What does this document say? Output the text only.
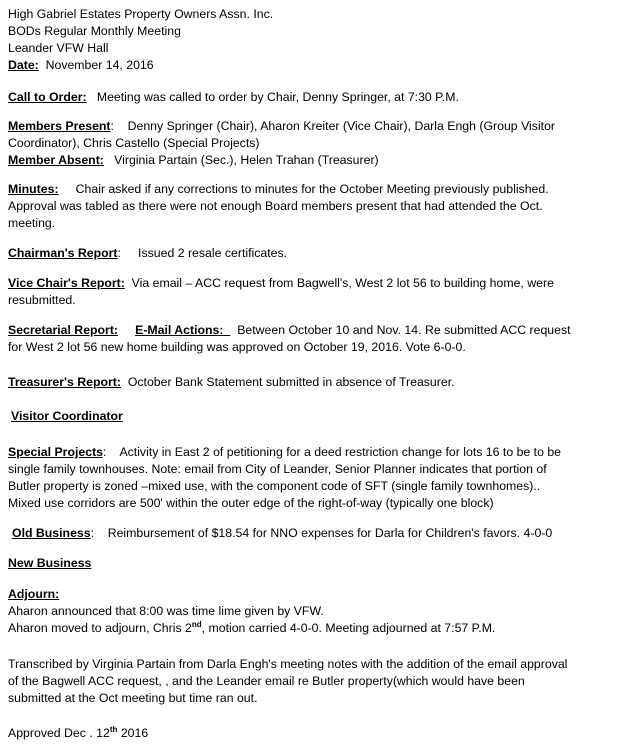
High Gabriel Estates Property Owners Assn. Inc.
BODs Regular Monthly Meeting
Leander VFW Hall
Date: November 14, 2016
Call to Order: Meeting was called to order by Chair, Denny Springer, at 7:30 P.M.
Members Present: Denny Springer (Chair), Aharon Kreiter (Vice Chair), Darla Engh (Group Visitor
Coordinator), Chris Castello (Special Projects)
Member Absent: Virginia Partain (Sec.), Helen Trahan (Treasurer)
Minutes: Chair asked if any corrections to minutes for the October Meeting previously published.
Approval was tabled as there were not enough Board members present that had attended the Oct.
meeting.
Chairman's Report: Issued 2 resale certificates.
Vice Chair's Report: Via email – ACC request from Bagwell's, West 2 lot 56 to building home, were
resubmitted.
Secretarial Report: E-Mail Actions: Between October 10 and Nov. 14. Re submitted ACC request
for West 2 lot 56 new home building was approved on October 19, 2016. Vote 6-0-0.
Treasurer's Report: October Bank Statement submitted in absence of Treasurer.
Visitor Coordinator
Special Projects: Activity in East 2 of petitioning for a deed restriction change for lots 16 to be to be
single family townhouses. Note: email from City of Leander, Senior Planner indicates that portion of
Butler property is zoned –mixed use, with the component code of SFT (single family townhomes)..
Mixed use corridors are 500' within the outer edge of the right-of-way (typically one block)
Old Business: Reimbursement of $18.54 for NNO expenses for Darla for Children's favors. 4-0-0
New Business
Adjourn:
Aharon announced that 8:00 was time lime given by VFW.
Aharon moved to adjourn, Chris 2nd, motion carried 4-0-0. Meeting adjourned at 7:57 P.M.
Transcribed by Virginia Partain from Darla Engh's meeting notes with the addition of the email approval
of the Bagwell ACC request, , and the Leander email re Butler property(which would have been
submitted at the Oct meeting but time ran out.
Approved Dec . 12th 2016
